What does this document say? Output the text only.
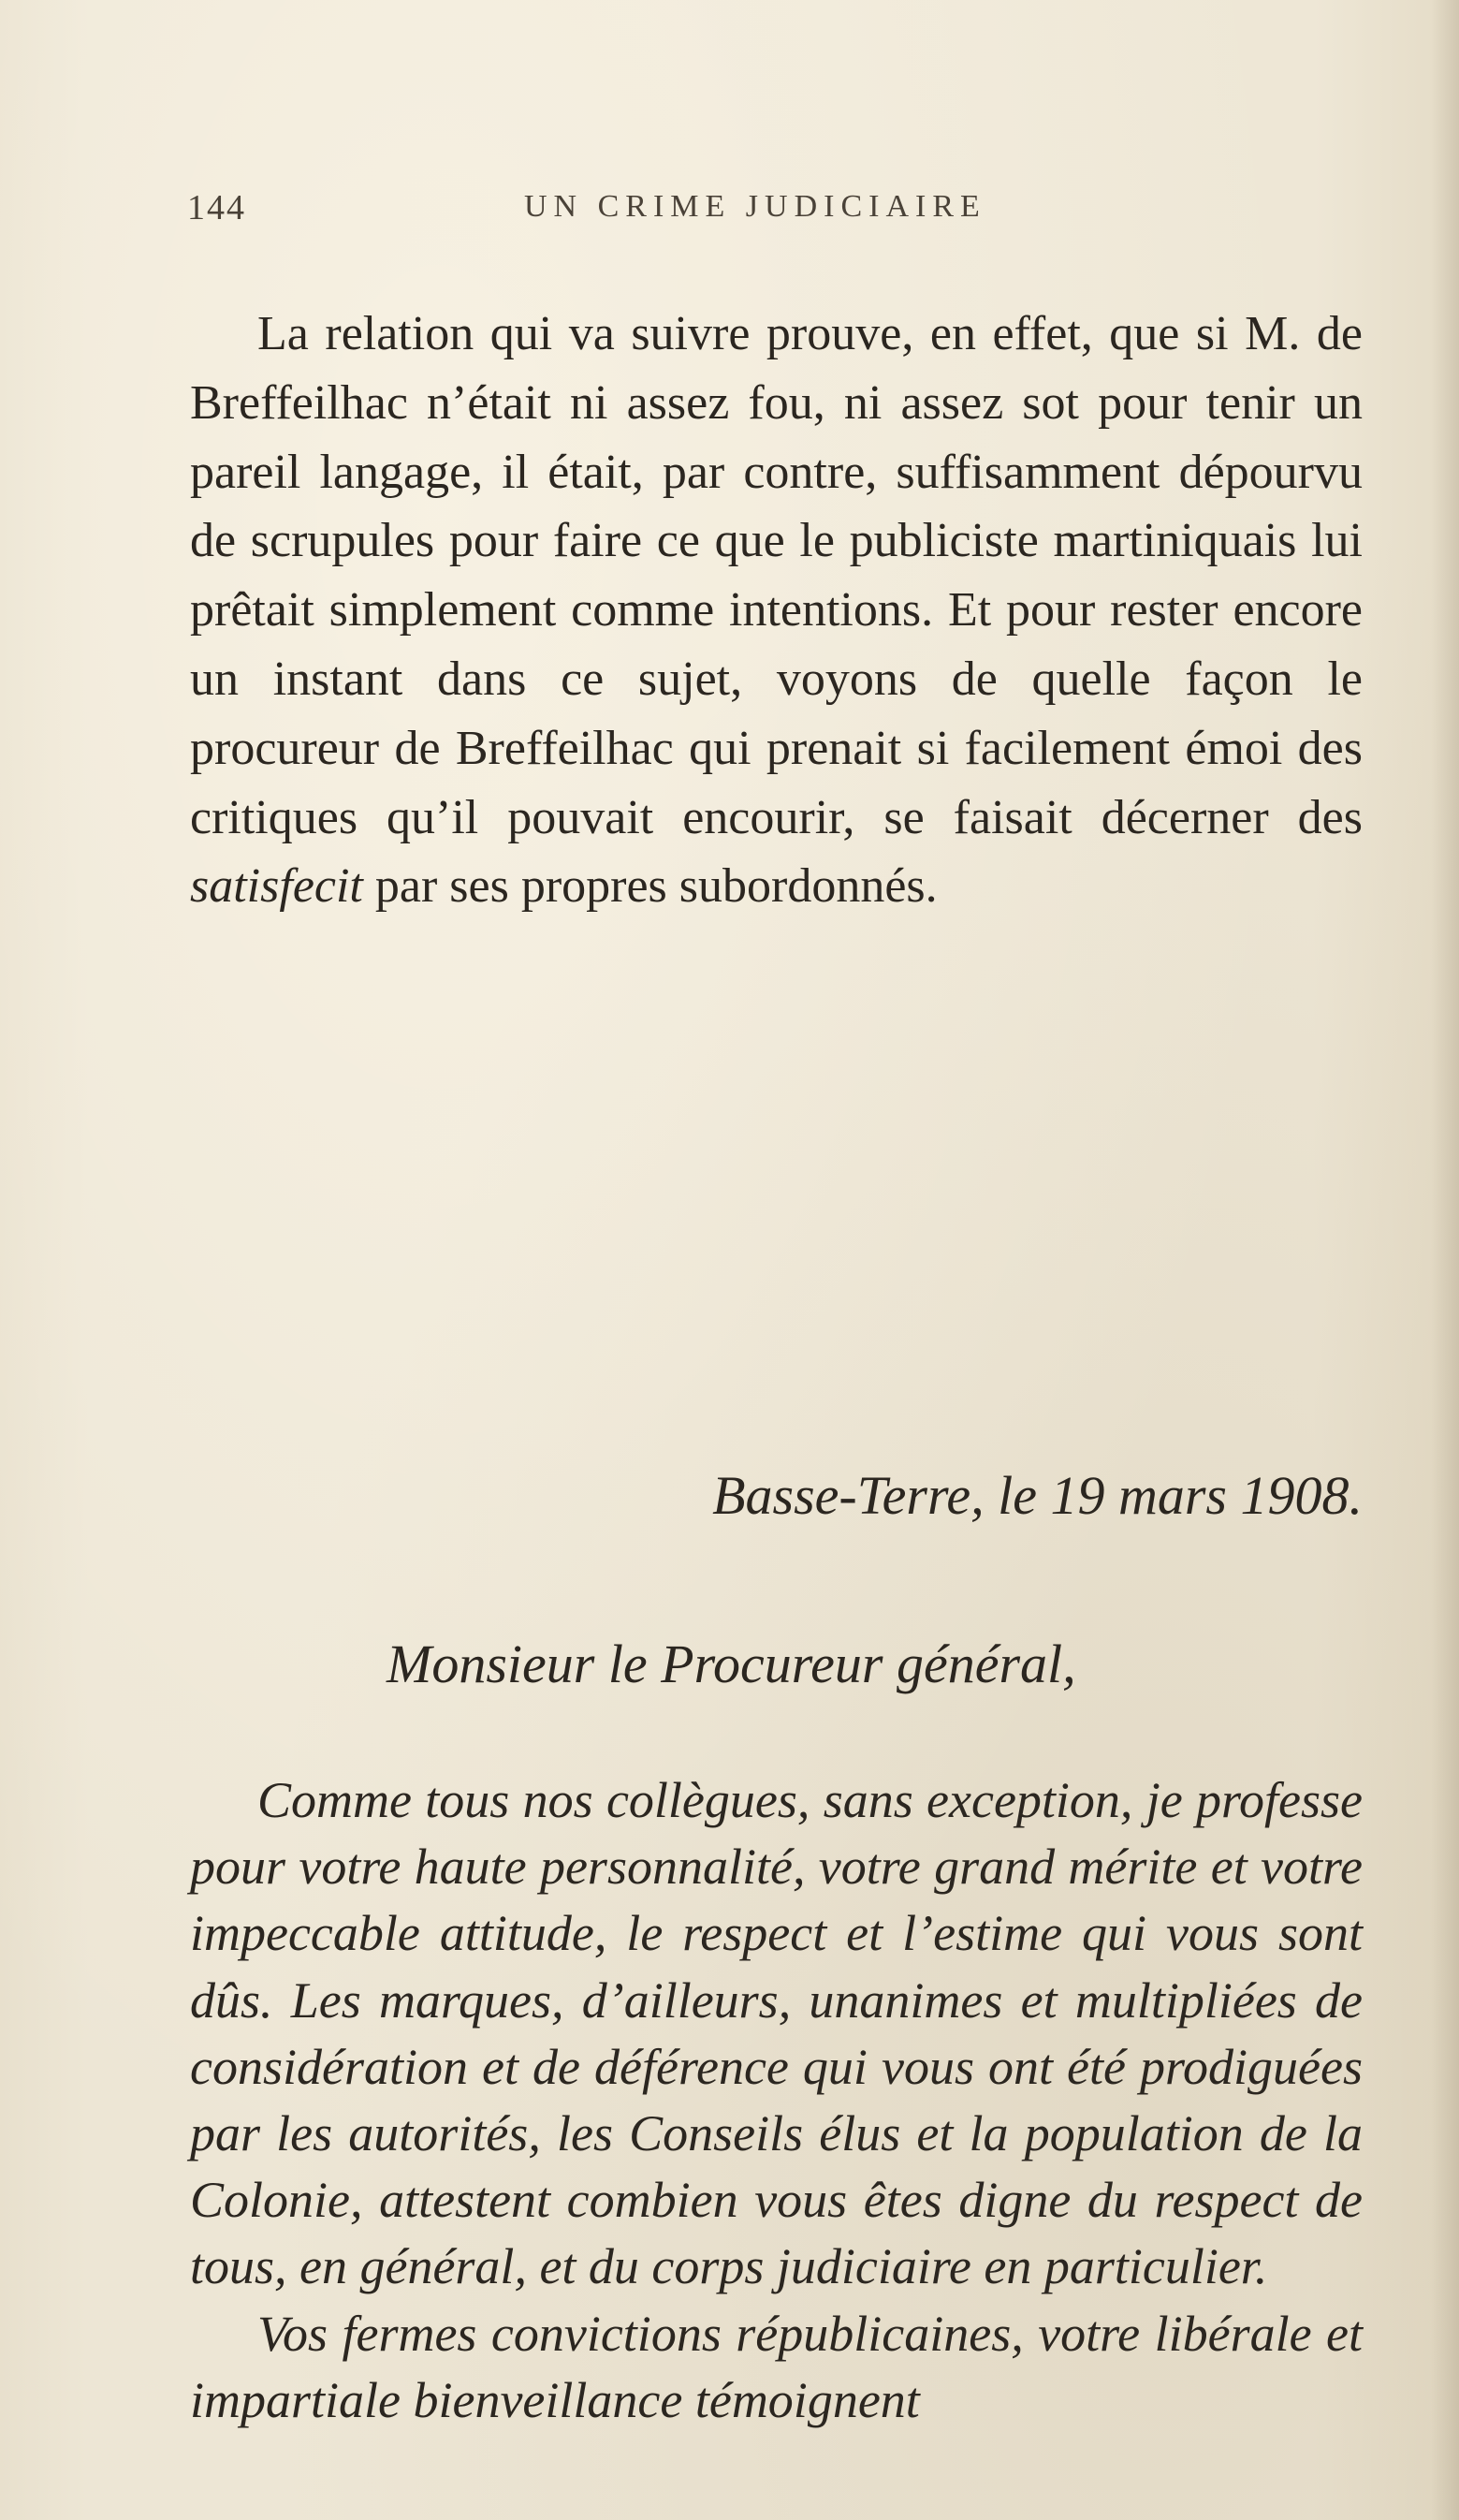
144	UN CRIME JUDICIAIRE

La relation qui va suivre prouve, en effet, que si M. de Breffeilhac n’était ni assez fou, ni assez sot pour tenir un pareil langage, il était, par contre, suffisamment dépourvu de scrupules pour faire ce que le publiciste martiniquais lui prêtait simplement comme intentions. Et pour rester encore un instant dans ce sujet, voyons de quelle façon le procureur de Breffeilhac qui prenait si facilement émoi des critiques qu’il pouvait encourir, se faisait décerner des satisfecit par ses propres subordonnés.

Basse-Terre, le 19 mars 1908.
Monsieur le Procureur général,

Comme tous nos collègues, sans exception, je professe pour votre haute personnalité, votre grand mérite et votre impeccable attitude, le respect et l’estime qui vous sont dûs. Les marques, d’ailleurs, unanimes et multipliées de considération et de déférence qui vous ont été prodiguées par les autorités, les Conseils élus et la population de la Colonie, attestent combien vous êtes digne du respect de tous, en général, et du corps judiciaire en particulier.

Vos fermes convictions républicaines, votre libérale et impartiale bienveillance témoignent
